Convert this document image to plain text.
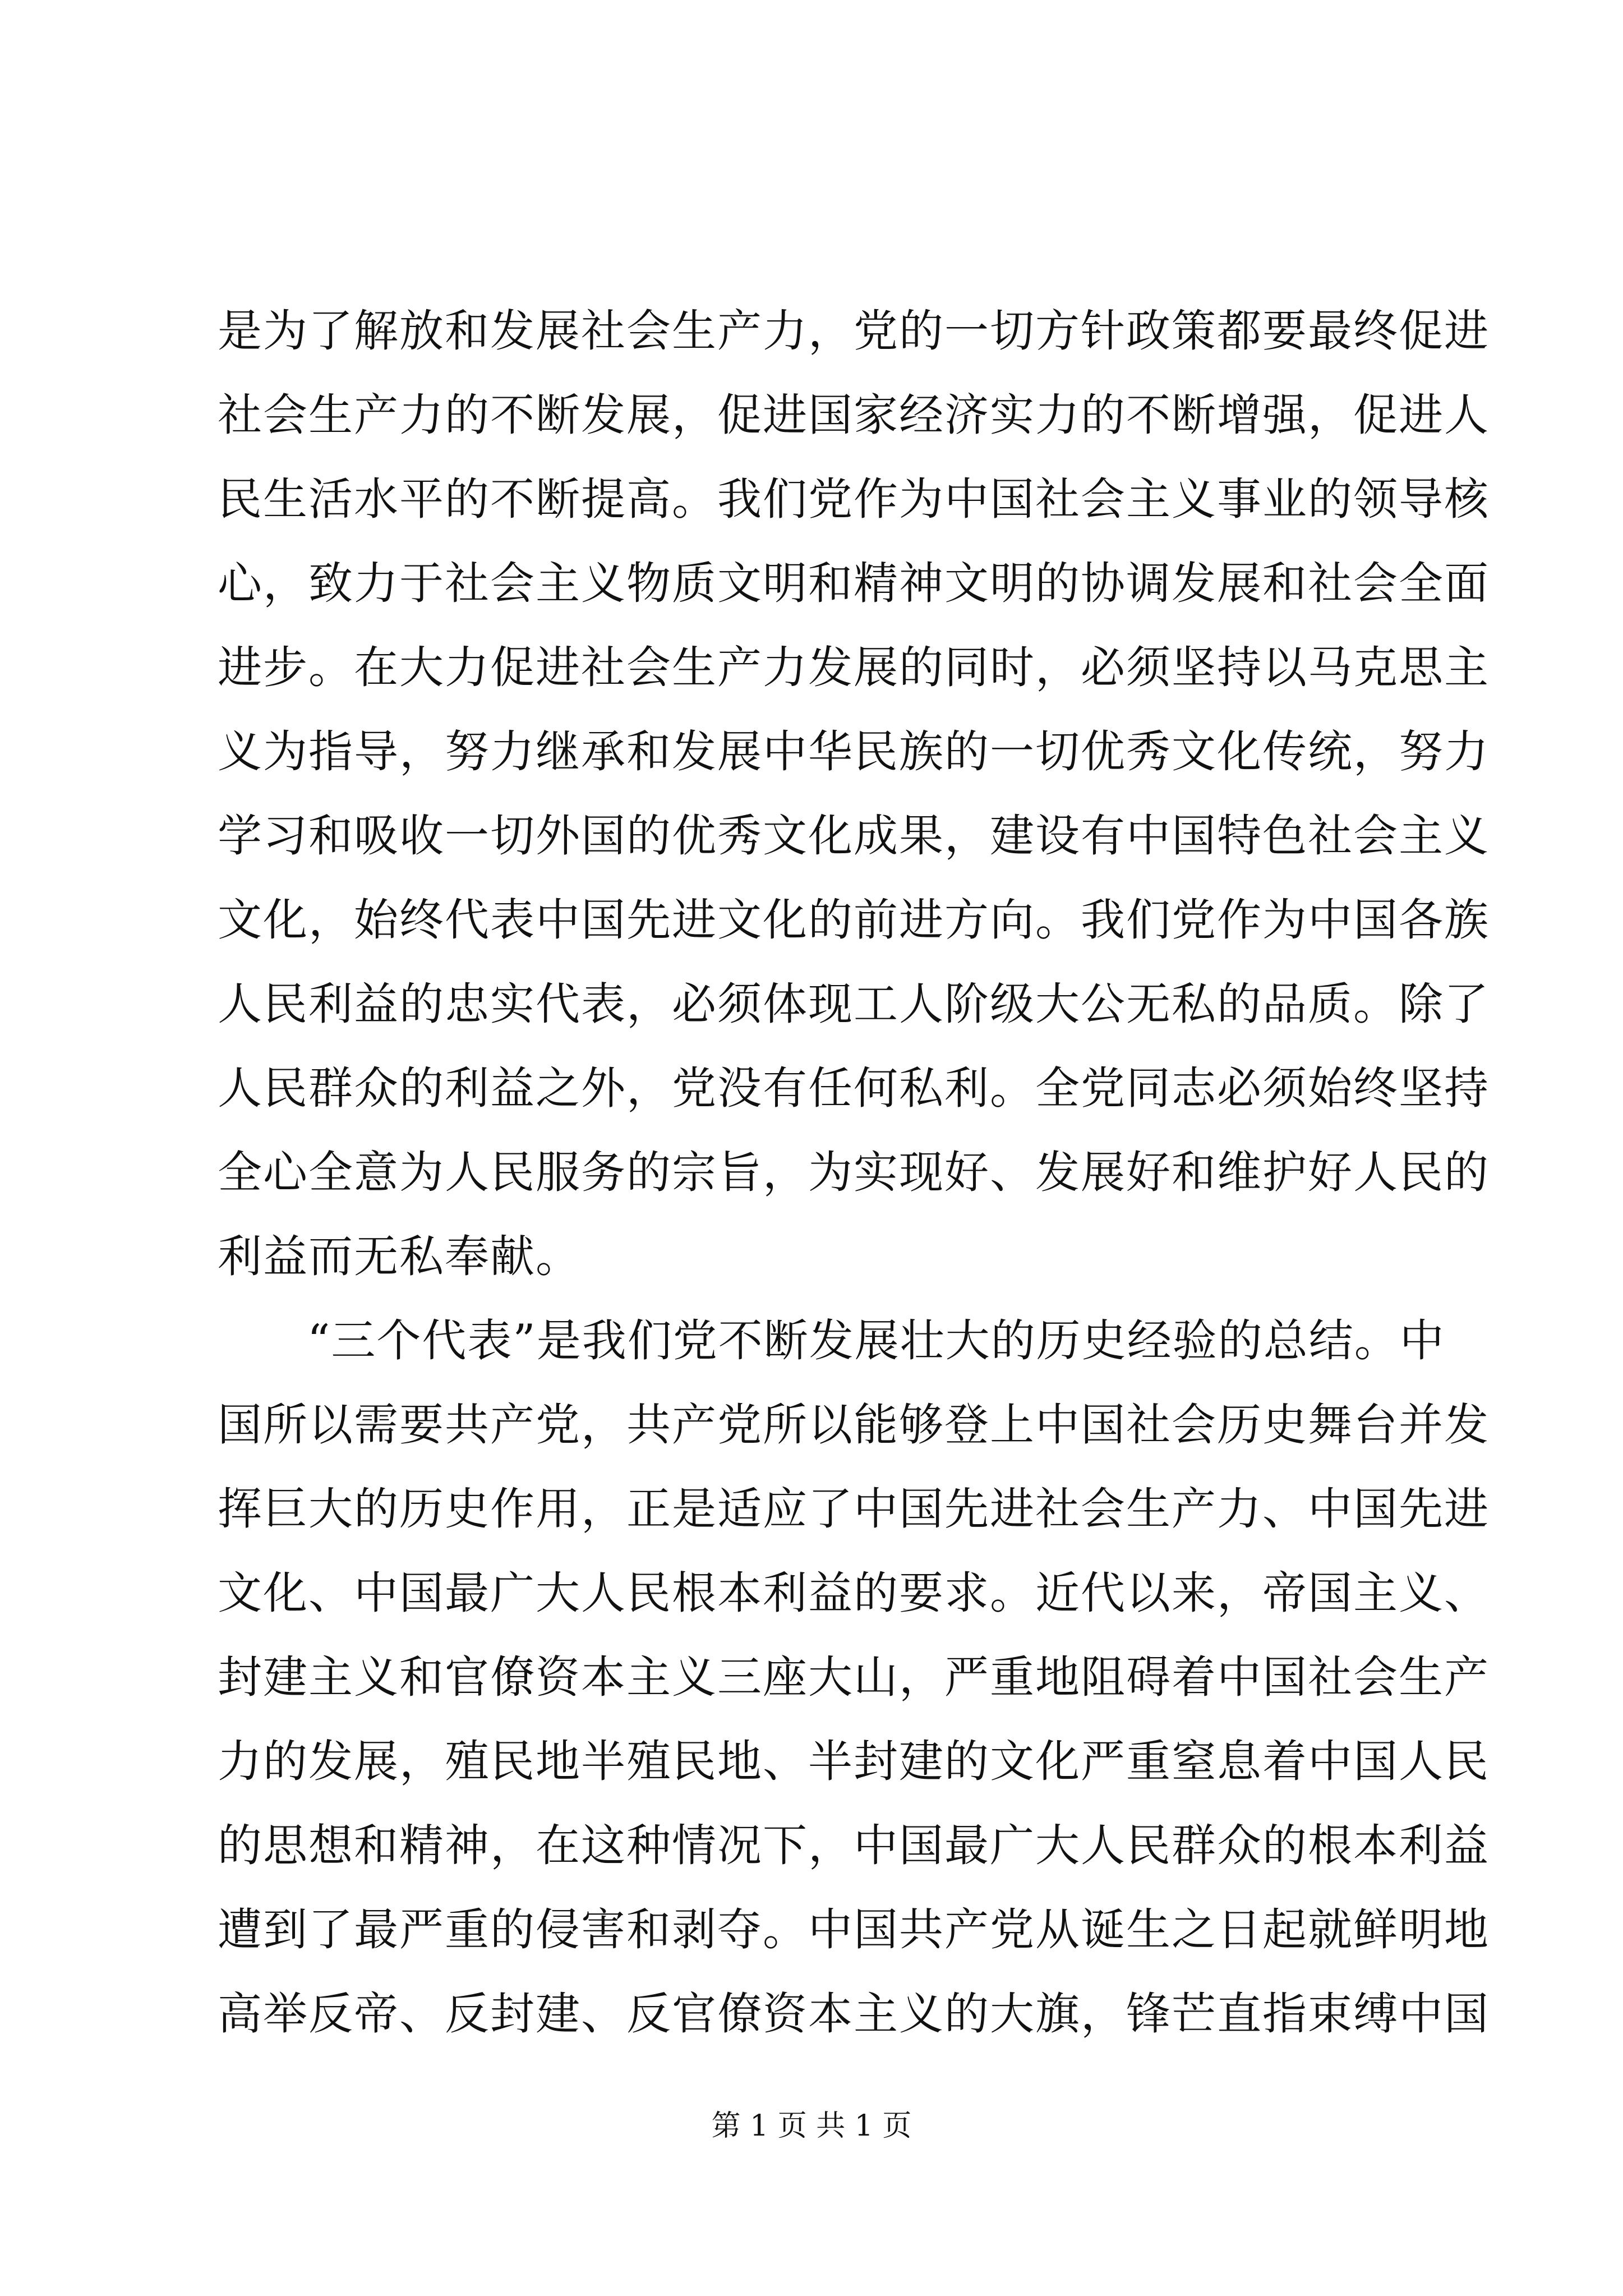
是为了解放和发展社会生产力，党的一切方针政策都要最终促进
社会生产力的不断发展，促进国家经济实力的不断增强，促进人
民生活水平的不断提高。我们党作为中国社会主义事业的领导核
心，致力于社会主义物质文明和精神文明的协调发展和社会全面
进步。在大力促进社会生产力发展的同时，必须坚持以马克思主
义为指导，努力继承和发展中华民族的一切优秀文化传统，努力
学习和吸收一切外国的优秀文化成果，建设有中国特色社会主义
文化，始终代表中国先进文化的前进方向。我们党作为中国各族
人民利益的忠实代表，必须体现工人阶级大公无私的品质。除了
人民群众的利益之外，党没有任何私利。全党同志必须始终坚持
全心全意为人民服务的宗旨，为实现好、发展好和维护好人民的
利益而无私奉献。
“三个代表”是我们党不断发展壮大的历史经验的总结。中
国所以需要共产党，共产党所以能够登上中国社会历史舞台并发
挥巨大的历史作用，正是适应了中国先进社会生产力、中国先进
文化、中国最广大人民根本利益的要求。近代以来，帝国主义、
封建主义和官僚资本主义三座大山，严重地阻碍着中国社会生产
力的发展，殖民地半殖民地、半封建的文化严重窒息着中国人民
的思想和精神，在这种情况下，中国最广大人民群众的根本利益
遭到了最严重的侵害和剥夺。中国共产党从诞生之日起就鲜明地
高举反帝、反封建、反官僚资本主义的大旗，锋芒直指束缚中国
第 1 页 共 1 页
